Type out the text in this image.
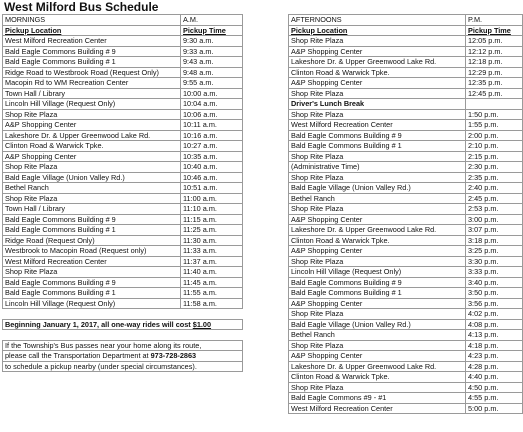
West Milford Bus Schedule
MORNINGS	A.M.
Pickup Location	Pickup Time
West Milford Recreation Center	9:30 a.m.
Bald Eagle Commons Building # 9	9:33 a.m.
Bald Eagle Commons Building # 1	9:43 a.m.
Ridge Road to Westbrook Road (Request Only)	9:48 a.m.
Macopin Rd to WM Recreation Center	9:55 a.m.
Town Hall / Library	10:00 a.m.
Lincoln Hill Village (Request Only)	10:04 a.m.
Shop Rite Plaza	10:06 a.m.
A&P Shopping Center	10:11 a.m.
Lakeshore Dr. & Upper Greenwood Lake Rd.	10:16 a.m.
Clinton Road & Warwick Tpke.	10:27 a.m.
A&P Shopping Center	10:35 a.m.
Shop Rite Plaza	10:40 a.m.
Bald Eagle Village (Union Valley Rd.)	10:46 a.m.
Bethel Ranch	10:51 a.m.
Shop Rite Plaza	11:00 a.m.
Town Hall / Library	11:10 a.m.
Bald Eagle Commons Building # 9	11:15 a.m.
Bald Eagle Commons Building # 1	11:25 a.m.
Ridge Road (Request Only)	11:30 a.m.
Westbrook to Macopin Road (Request only)	11:33 a.m.
West Milford Recreation Center	11:37 a.m.
Shop Rite Plaza	11:40 a.m.
Bald Eagle Commons Building # 9	11:45 a.m.
Bald Eagle Commons Building # 1	11:55 a.m.
Lincoln Hill Village (Request Only)	11:58 a.m.

Beginning January 1, 2017, all one-way rides will cost $1.00	

If the Township's Bus passes near your home along its route,	
please call the Transportation Department at 973-728-2863	
to schedule a pickup nearby (under special circumstances).	
AFTERNOONS	P.M.
Pickup Location	Pickup Time
Shop Rite Plaza	12:05 p.m.
A&P Shopping Center	12:12 p.m.
Lakeshore Dr. & Upper Greenwood Lake Rd.	12:18 p.m.
Clinton Road & Warwick Tpke.	12:29 p.m.
A&P Shopping Center	12:35 p.m.
Shop Rite Plaza	12:45 p.m.
Driver's Lunch Break	
Shop Rite Plaza	1:50 p.m.
West Milford Recreation Center	1:55 p.m.
Bald Eagle Commons Building # 9	2:00 p.m.
Bald Eagle Commons Building # 1	2:10 p.m.
Shop Rite Plaza	2:15 p.m.
(Administrative Time)	2:30 p.m.
Shop Rite Plaza	2:35 p.m.
Bald Eagle Village (Union Valley Rd.)	2:40 p.m.
Bethel Ranch	2:45 p.m.
Shop Rite Plaza	2:53 p.m.
A&P Shopping Center	3:00 p.m.
Lakeshore Dr. & Upper Greenwood Lake Rd.	3:07 p.m.
Clinton Road & Warwick Tpke.	3:18 p.m.
A&P Shopping Center	3:25 p.m.
Shop Rite Plaza	3:30 p.m.
Lincoln Hill Village (Request Only)	3:33 p.m.
Bald Eagle Commons Building # 9	3:40 p.m.
Bald Eagle Commons Building # 1	3:50 p.m.
A&P Shopping Center	3:56 p.m.
Shop Rite Plaza	4:02 p.m.
Bald Eagle Village (Union Valley Rd.)	4:08 p.m.
Bethel Ranch	4:13 p.m.
Shop Rite Plaza	4:18 p.m.
A&P Shopping Center	4:23 p.m.
Lakeshore Dr. & Upper Greenwood Lake Rd.	4:28 p.m.
Clinton Road & Warwick Tpke.	4:40 p.m.
Shop Rite Plaza	4:50 p.m.
Bald Eagle Commons #9 - #1	4:55 p.m.
West Milford Recreation Center	5:00 p.m.
